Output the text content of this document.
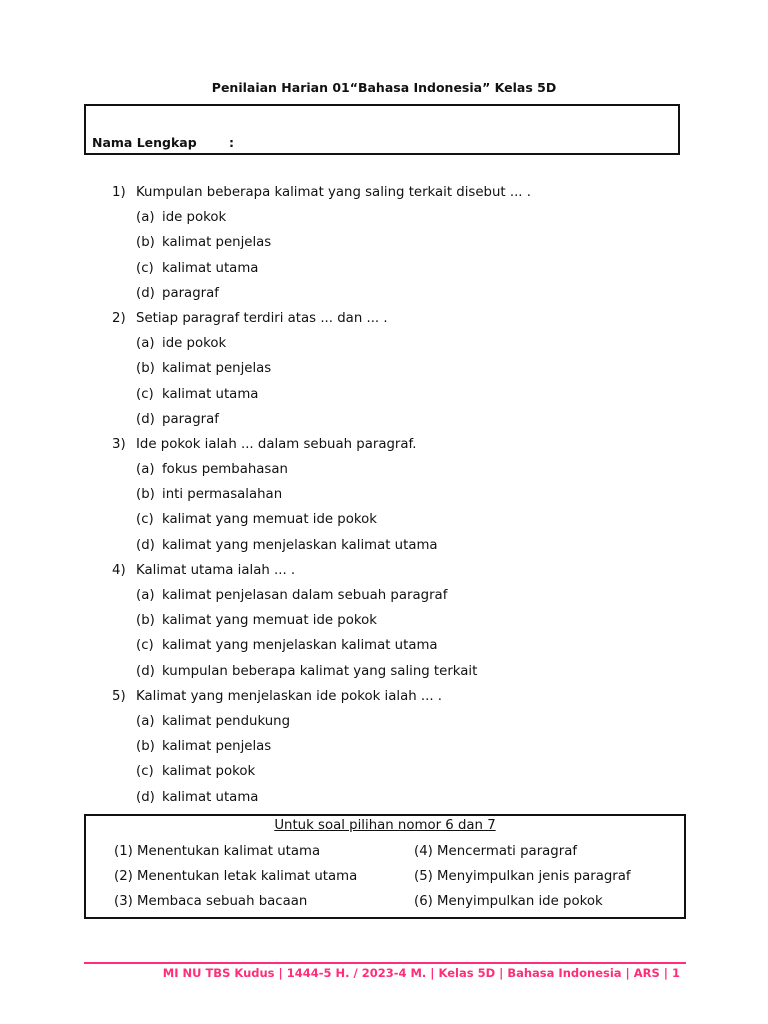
Penilaian Harian 01“Bahasa Indonesia” Kelas 5D
Nama Lengkap	:
1) Kumpulan beberapa kalimat yang saling terkait disebut ... .
(a) ide pokok
(b) kalimat penjelas
(c) kalimat utama
(d) paragraf
2) Setiap paragraf terdiri atas ... dan ... .
(a) ide pokok
(b) kalimat penjelas
(c) kalimat utama
(d) paragraf
3) Ide pokok ialah ... dalam sebuah paragraf.
(a) fokus pembahasan
(b) inti permasalahan
(c) kalimat yang memuat ide pokok
(d) kalimat yang menjelaskan kalimat utama
4) Kalimat utama ialah ... .
(a) kalimat penjelasan dalam sebuah paragraf
(b) kalimat yang memuat ide pokok
(c) kalimat yang menjelaskan kalimat utama
(d) kumpulan beberapa kalimat yang saling terkait
5) Kalimat yang menjelaskan ide pokok ialah ... .
(a) kalimat pendukung
(b) kalimat penjelas
(c) kalimat pokok
(d) kalimat utama
Untuk soal pilihan nomor 6 dan 7
(1) Menentukan kalimat utama	(4) Mencermati paragraf
(2) Menentukan letak kalimat utama	(5) Menyimpulkan jenis paragraf
(3) Membaca sebuah bacaan	(6) Menyimpulkan ide pokok
MI NU TBS Kudus | 1444-5 H. / 2023-4 M. | Kelas 5D | Bahasa Indonesia | ARS | 1
